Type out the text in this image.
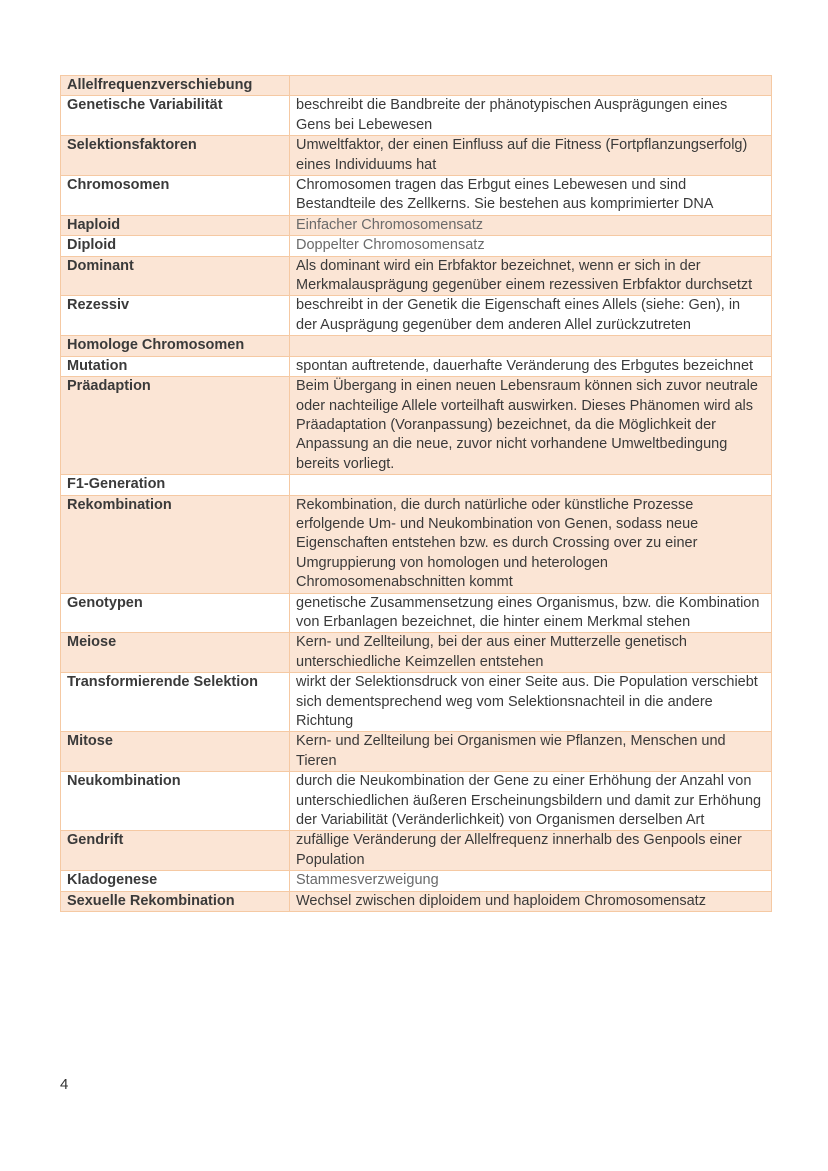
Allelfrequenzverschiebung	
Genetische Variabilität	beschreibt die Bandbreite der phänotypischen Ausprägungen eines Gens bei Lebewesen
Selektionsfaktoren	Umweltfaktor, der einen Einfluss auf die Fitness (Fortpflanzungserfolg) eines Individuums hat
Chromosomen	Chromosomen tragen das Erbgut eines Lebewesen und sind Bestandteile des Zellkerns. Sie bestehen aus komprimierter DNA
Haploid	Einfacher Chromosomensatz
Diploid	Doppelter Chromosomensatz
Dominant	Als dominant wird ein Erbfaktor bezeichnet, wenn er sich in der Merkmalausprägung gegenüber einem rezessiven Erbfaktor durchsetzt
Rezessiv	beschreibt in der Genetik die Eigenschaft eines Allels (siehe: Gen), in der Ausprägung gegenüber dem anderen Allel zurückzutreten
Homologe Chromosomen	
Mutation	spontan auftretende, dauerhafte Veränderung des Erbgutes bezeichnet
Präadaption	Beim Übergang in einen neuen Lebensraum können sich zuvor neutrale oder nachteilige Allele vorteilhaft auswirken. Dieses Phänomen wird als Präadaptation (Voranpassung) bezeichnet, da die Möglichkeit der Anpassung an die neue, zuvor nicht vorhandene Umweltbedingung bereits vorliegt.
F1-Generation	
Rekombination	Rekombination, die durch natürliche oder künstliche Prozesse erfolgende Um- und Neukombination von Genen, sodass neue Eigenschaften entstehen bzw. es durch Crossing over zu einer Umgruppierung von homologen und heterologen Chromosomenabschnitten kommt
Genotypen	genetische Zusammensetzung eines Organismus, bzw. die Kombination von Erbanlagen bezeichnet, die hinter einem Merkmal stehen
Meiose	Kern- und Zellteilung, bei der aus einer Mutterzelle genetisch unterschiedliche Keimzellen entstehen
Transformierende Selektion	wirkt der Selektionsdruck von einer Seite aus. Die Population verschiebt sich dementsprechend weg vom Selektionsnachteil in die andere Richtung
Mitose	Kern- und Zellteilung bei Organismen wie Pflanzen, Menschen und Tieren
Neukombination	durch die Neukombination der Gene zu einer Erhöhung der Anzahl von unterschiedlichen äußeren Erscheinungsbildern und damit zur Erhöhung der Variabilität (Veränderlichkeit) von Organismen derselben Art
Gendrift	zufällige Veränderung der Allelfrequenz innerhalb des Genpools einer Population
Kladogenese	Stammesverzweigung
Sexuelle Rekombination	Wechsel zwischen diploidem und haploidem Chromosomensatz
4
